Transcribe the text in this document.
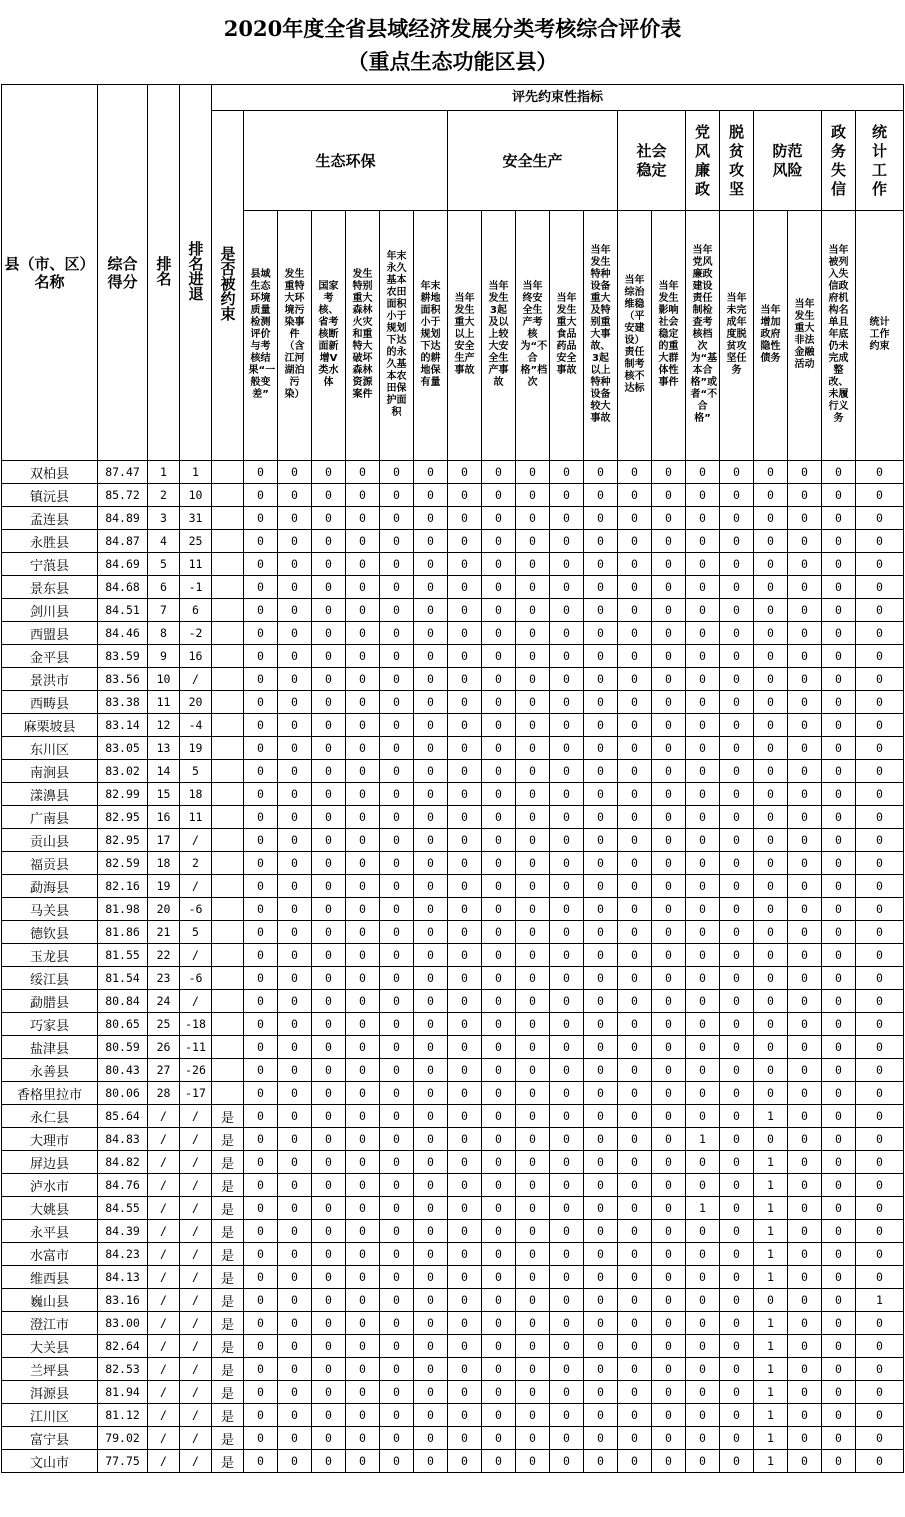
2020年度全省县域经济发展分类考核综合评价表
（重点生态功能区县）
县（市、区）名称	综合得分	排名	排名进退	评先约束性指标																			
				是否被约束	生态环保						安全生产					社会稳定		党风廉政	脱贫攻坚	防范风险		政务失信	统计工作
					县域生态环境质量检测评价与考核结果“一般变差”	发生重特大环境污染事件（含江河湖泊污染）	国家考核、省考核断面新增V类水体	发生特别重大森林火灾和重特大破坏森林资源案件	年末永久基本农田面积小于规划下达的永久基本农田保护面积	年末耕地面积小于规划下达的耕地保有量	当年发生重大以上安全生产事故	当年发生3起及以上较大安全生产事故	当年终安全生产考核为“不合格”档次	当年发生重大食品药品安全事故	当年发生特种设备重大及特别重大事故、3起以上特种设备较大事故	当年综治维稳（平安建设）责任制考核不达标	当年发生影响社会稳定的重大群体性事件	当年党风廉政建设责任制检查考核档次为“基本合格”或者“不合格”	当年未完成年度脱贫攻坚任务	当年增加政府隐性债务	当年发生重大非法金融活动	当年被列入失信政府机构名单且年底仍未完成整改、未履行义务	统计工作约束
双柏县	87.47	1	1		0	0	0	0	0	0	0	0	0	0	0	0	0	0	0	0	0	0	0
镇沅县	85.72	2	10		0	0	0	0	0	0	0	0	0	0	0	0	0	0	0	0	0	0	0
孟连县	84.89	3	31		0	0	0	0	0	0	0	0	0	0	0	0	0	0	0	0	0	0	0
永胜县	84.87	4	25		0	0	0	0	0	0	0	0	0	0	0	0	0	0	0	0	0	0	0
宁蒗县	84.69	5	11		0	0	0	0	0	0	0	0	0	0	0	0	0	0	0	0	0	0	0
景东县	84.68	6	-1		0	0	0	0	0	0	0	0	0	0	0	0	0	0	0	0	0	0	0
剑川县	84.51	7	6		0	0	0	0	0	0	0	0	0	0	0	0	0	0	0	0	0	0	0
西盟县	84.46	8	-2		0	0	0	0	0	0	0	0	0	0	0	0	0	0	0	0	0	0	0
金平县	83.59	9	16		0	0	0	0	0	0	0	0	0	0	0	0	0	0	0	0	0	0	0
景洪市	83.56	10	/		0	0	0	0	0	0	0	0	0	0	0	0	0	0	0	0	0	0	0
西畴县	83.38	11	20		0	0	0	0	0	0	0	0	0	0	0	0	0	0	0	0	0	0	0
麻栗坡县	83.14	12	-4		0	0	0	0	0	0	0	0	0	0	0	0	0	0	0	0	0	0	0
东川区	83.05	13	19		0	0	0	0	0	0	0	0	0	0	0	0	0	0	0	0	0	0	0
南涧县	83.02	14	5		0	0	0	0	0	0	0	0	0	0	0	0	0	0	0	0	0	0	0
漾濞县	82.99	15	18		0	0	0	0	0	0	0	0	0	0	0	0	0	0	0	0	0	0	0
广南县	82.95	16	11		0	0	0	0	0	0	0	0	0	0	0	0	0	0	0	0	0	0	0
贡山县	82.95	17	/		0	0	0	0	0	0	0	0	0	0	0	0	0	0	0	0	0	0	0
福贡县	82.59	18	2		0	0	0	0	0	0	0	0	0	0	0	0	0	0	0	0	0	0	0
勐海县	82.16	19	/		0	0	0	0	0	0	0	0	0	0	0	0	0	0	0	0	0	0	0
马关县	81.98	20	-6		0	0	0	0	0	0	0	0	0	0	0	0	0	0	0	0	0	0	0
德钦县	81.86	21	5		0	0	0	0	0	0	0	0	0	0	0	0	0	0	0	0	0	0	0
玉龙县	81.55	22	/		0	0	0	0	0	0	0	0	0	0	0	0	0	0	0	0	0	0	0
绥江县	81.54	23	-6		0	0	0	0	0	0	0	0	0	0	0	0	0	0	0	0	0	0	0
勐腊县	80.84	24	/		0	0	0	0	0	0	0	0	0	0	0	0	0	0	0	0	0	0	0
巧家县	80.65	25	-18		0	0	0	0	0	0	0	0	0	0	0	0	0	0	0	0	0	0	0
盐津县	80.59	26	-11		0	0	0	0	0	0	0	0	0	0	0	0	0	0	0	0	0	0	0
永善县	80.43	27	-26		0	0	0	0	0	0	0	0	0	0	0	0	0	0	0	0	0	0	0
香格里拉市	80.06	28	-17		0	0	0	0	0	0	0	0	0	0	0	0	0	0	0	0	0	0	0
永仁县	85.64	/	/	是	0	0	0	0	0	0	0	0	0	0	0	0	0	0	0	1	0	0	0
大理市	84.83	/	/	是	0	0	0	0	0	0	0	0	0	0	0	0	0	1	0	0	0	0	0
屏边县	84.82	/	/	是	0	0	0	0	0	0	0	0	0	0	0	0	0	0	0	1	0	0	0
泸水市	84.76	/	/	是	0	0	0	0	0	0	0	0	0	0	0	0	0	0	0	1	0	0	0
大姚县	84.55	/	/	是	0	0	0	0	0	0	0	0	0	0	0	0	0	1	0	1	0	0	0
永平县	84.39	/	/	是	0	0	0	0	0	0	0	0	0	0	0	0	0	0	0	1	0	0	0
水富市	84.23	/	/	是	0	0	0	0	0	0	0	0	0	0	0	0	0	0	0	1	0	0	0
维西县	84.13	/	/	是	0	0	0	0	0	0	0	0	0	0	0	0	0	0	0	1	0	0	0
巍山县	83.16	/	/	是	0	0	0	0	0	0	0	0	0	0	0	0	0	0	0	0	0	0	1
澄江市	83.00	/	/	是	0	0	0	0	0	0	0	0	0	0	0	0	0	0	0	1	0	0	0
大关县	82.64	/	/	是	0	0	0	0	0	0	0	0	0	0	0	0	0	0	0	1	0	0	0
兰坪县	82.53	/	/	是	0	0	0	0	0	0	0	0	0	0	0	0	0	0	0	1	0	0	0
洱源县	81.94	/	/	是	0	0	0	0	0	0	0	0	0	0	0	0	0	0	0	1	0	0	0
江川区	81.12	/	/	是	0	0	0	0	0	0	0	0	0	0	0	0	0	0	0	1	0	0	0
富宁县	79.02	/	/	是	0	0	0	0	0	0	0	0	0	0	0	0	0	0	0	1	0	0	0
文山市	77.75	/	/	是	0	0	0	0	0	0	0	0	0	0	0	0	0	0	0	1	0	0	0
